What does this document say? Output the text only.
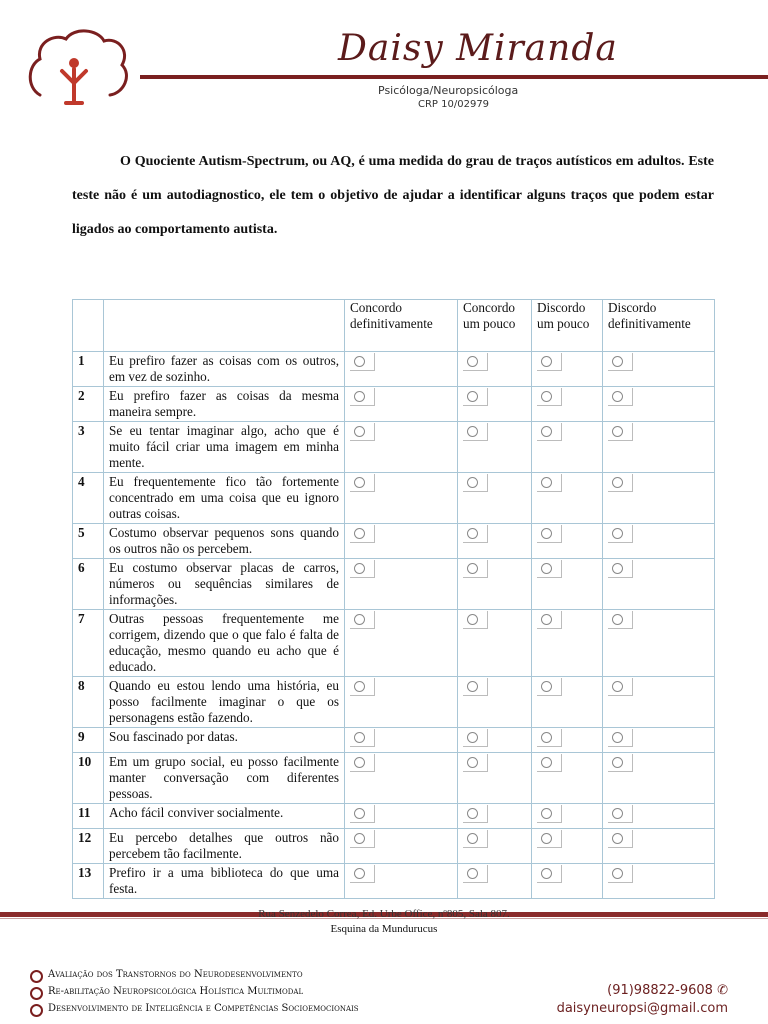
Daisy Miranda
Psicóloga/Neuropsicóloga
CRP 10/02979
O Quociente Autism-Spectrum, ou AQ, é uma medida do grau de traços autísticos em adultos. Este teste não é um autodiagnostico, ele tem o objetivo de ajudar a identificar alguns traços que podem estar ligados ao comportamento autista.
		Concordo definitivamente	Concordo um pouco	Discordo um pouco	Discordo definitivamente
1	Eu prefiro fazer as coisas com os outros, em vez de sozinho.				
2	Eu prefiro fazer as coisas da mesma maneira sempre.				
3	Se eu tentar imaginar algo, acho que é muito fácil criar uma imagem em minha mente.				
4	Eu frequentemente fico tão fortemente concentrado em uma coisa que eu ignoro outras coisas.				
5	Costumo observar pequenos sons quando os outros não os percebem.				
6	Eu costumo observar placas de carros, números ou sequências similares de informações.				
7	Outras pessoas frequentemente me corrigem, dizendo que o que falo é falta de educação, mesmo quando eu acho que é educado.				
8	Quando eu estou lendo uma história, eu posso facilmente imaginar o que os personagens estão fazendo.				
9	Sou fascinado por datas.				
10	Em um grupo social, eu posso facilmente manter conversação com diferentes pessoas.				
11	Acho fácil conviver socialmente.				
12	Eu percebo detalhes que outros não percebem tão facilmente.				
13	Prefiro ir a uma biblioteca do que uma festa.				
Rua Senzedelo Correa, Ed. Urbe Office, nº805, Sala 807.
Esquina da Mundurucus
Avaliação dos Transtornos do Neurodesenvolvimento
Re-abilitação Neuropsicológica Holística Multimodal
Desenvolvimento de Inteligência e Competências Socioemocionais
(91)98822-9608 ✆
daisyneuropsi@gmail.com
